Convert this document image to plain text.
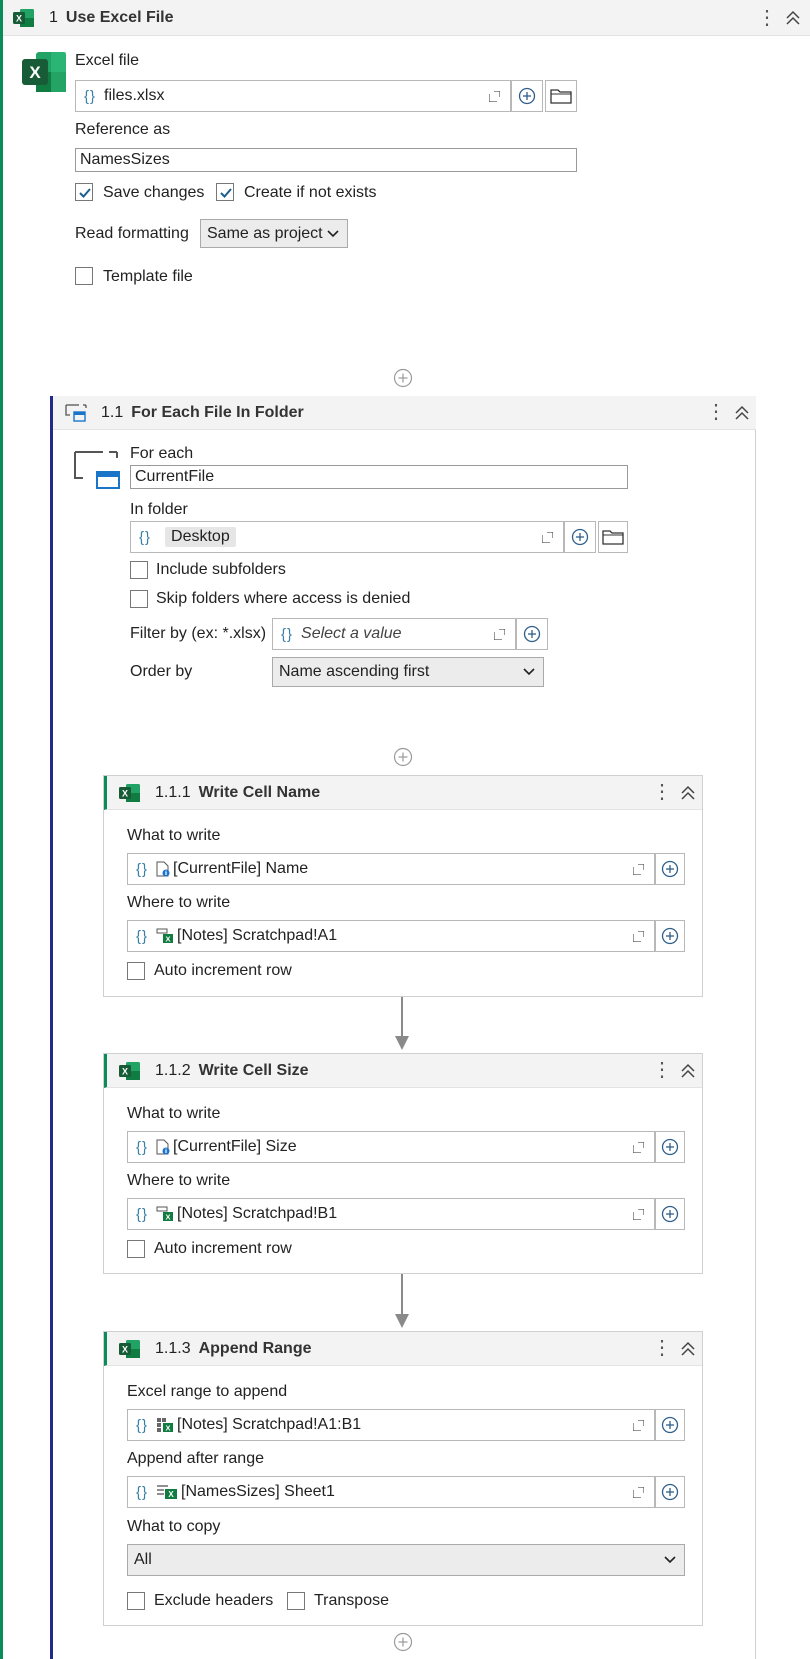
1 Use Excel File	⋮
X
Excel file
{} files.xlsx
Reference as
NamesSizes
Save changes Create if not exists
Read formatting Same as project
Template file
1.1 For Each File In Folder	⋮
For each
CurrentFile
In folder
{}	Desktop
Include subfolders
Skip folders where access is denied
Filter by (ex: *.xlsx) {} Select a value
Order by	Name ascending first
1.1.1 Write Cell Name	⋮
What to write
{} [CurrentFile] Name
Where to write
{} [Notes] Scratchpad!A1
Auto increment row
1.1.2 Write Cell Size	⋮
What to write
{} [CurrentFile] Size
Where to write
{} [Notes] Scratchpad!B1
Auto increment row
1.1.3 Append Range	⋮
Excel range to append
{} [Notes] Scratchpad!A1:B1
Append after range
{} [NamesSizes] Sheet1
What to copy
All
Exclude headers	Transpose
